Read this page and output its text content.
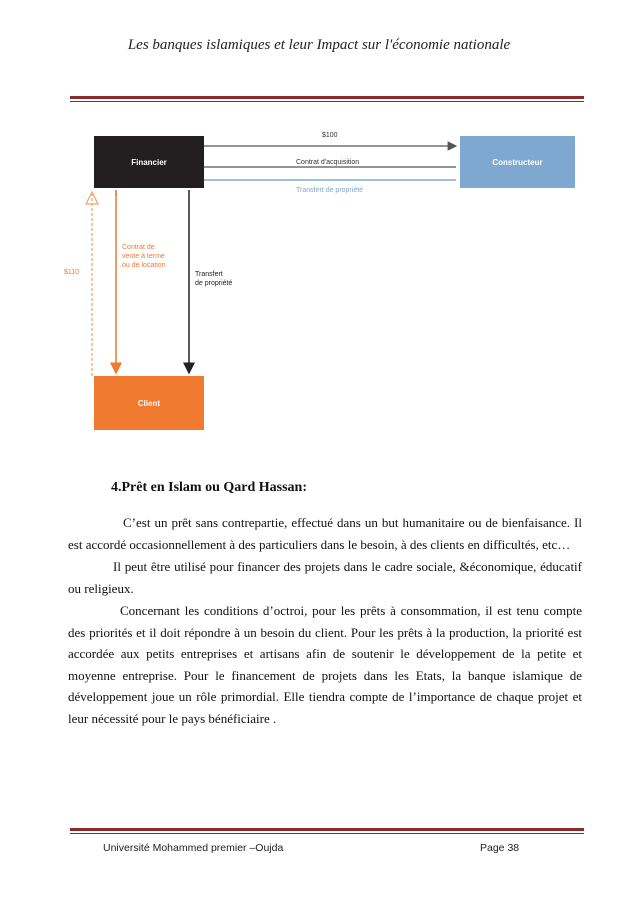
Les banques islamiques et leur Impact sur l'économie nationale
Financier	Constructeur
Client
$100
Contrat d'acquisition
Transfert de propriété
$110
Contrat de
vente à terme
ou de location
Transfert
de propriété
4.Prêt en Islam ou Qard Hassan:

C’est un prêt sans contrepartie, effectué dans un but humanitaire ou de bienfaisance. Il est accordé occasionnellement à des particuliers dans le besoin, à des clients en difficultés, etc…

Il peut être utilisé pour financer des projets dans le cadre sociale, &économique, éducatif ou religieux.

Concernant les conditions d’octroi, pour les prêts à consommation, il est tenu compte des priorités et il doit répondre à un besoin du client. Pour les prêts à la production, la priorité est accordée aux petits entreprises et artisans afin de soutenir le développement de la petite et moyenne entreprise. Pour le financement de projets dans les Etats, la banque islamique de développement joue un rôle primordial. Elle tiendra compte de l’importance de chaque projet et leur nécessité pour le pays bénéficiaire .

Université Mohammed premier –Oujda	Page 38
